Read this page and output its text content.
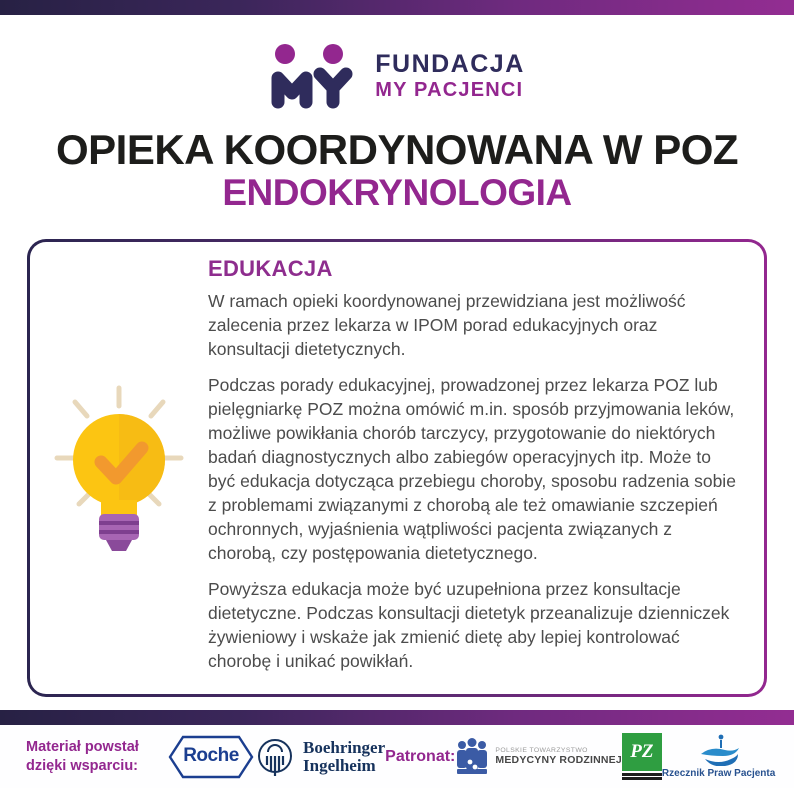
FUNDACJA
MY PACJENCI
OPIEKA KOORDYNOWANA W POZ
ENDOKRYNOLOGIA
EDUKACJA

W ramach opieki koordynowanej przewidziana jest możliwość zalecenia przez lekarza w IPOM porad edukacyjnych oraz konsultacji dietetycznych.

Podczas porady edukacyjnej, prowadzonej przez lekarza POZ lub pielęgniarkę POZ można omówić m.in. sposób przyjmowania leków, możliwe powikłania chorób tarczycy, przygotowanie do niektórych badań diagnostycznych albo zabiegów operacyjnych itp. Może to być edukacja dotycząca przebiegu choroby, sposobu radzenia sobie z problemami związanymi z chorobą ale też omawianie szczepień ochronnych, wyjaśnienia wątpliwości pacjenta związanych z chorobą, czy postępowania dietetycznego.

Powyższa edukacja może być uzupełniona przez konsultacje dietetyczne. Podczas konsultacji dietetyk przeanalizuje dzienniczek żywieniowy i wskaże jak zmienić dietę aby lepiej kontrolować chorobę i unikać powikłań.

Materiał powstał dzięki wsparciu:	Roche	Boehringer
Ingelheim Patronat:	POLSKIE TOWARZYSTWO
MEDYCYNY RODZINNEJ PZ
Rzecznik Praw Pacjenta
